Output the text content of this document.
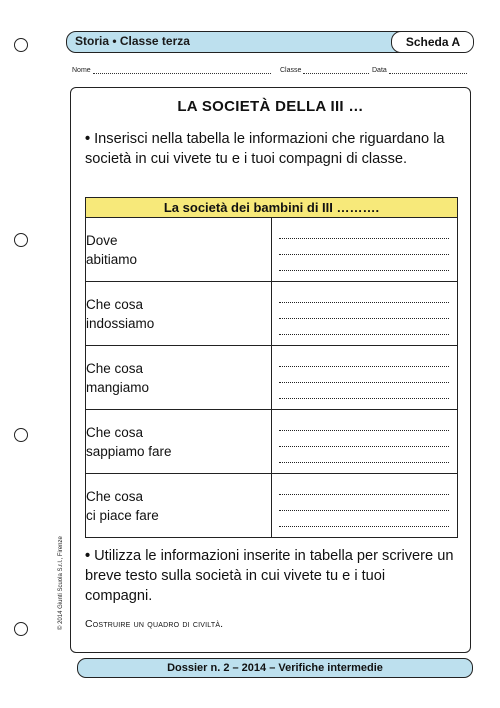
Storia • Classe terza	Scheda A
Nome	Classe	Data
LA SOCIETÀ DELLA III …
• Inserisci nella tabella le informazioni che riguardano la società in cui vivete tu e i tuoi compagni di classe.
La società dei bambini di III ……….	

Dove
abitiamo	

Che cosa
indossiamo	

Che cosa
mangiamo	

Che cosa
sappiamo fare	

Che cosa
ci piace fare	

• Utilizza le informazioni inserite in tabella per scrivere un breve testo sulla società in cui vivete tu e i tuoi compagni.
Costruire un quadro di civiltà.
© 2014 Giunti Scuola S.r.l., Firenze
Dossier n. 2 – 2014 – Verifiche intermedie
